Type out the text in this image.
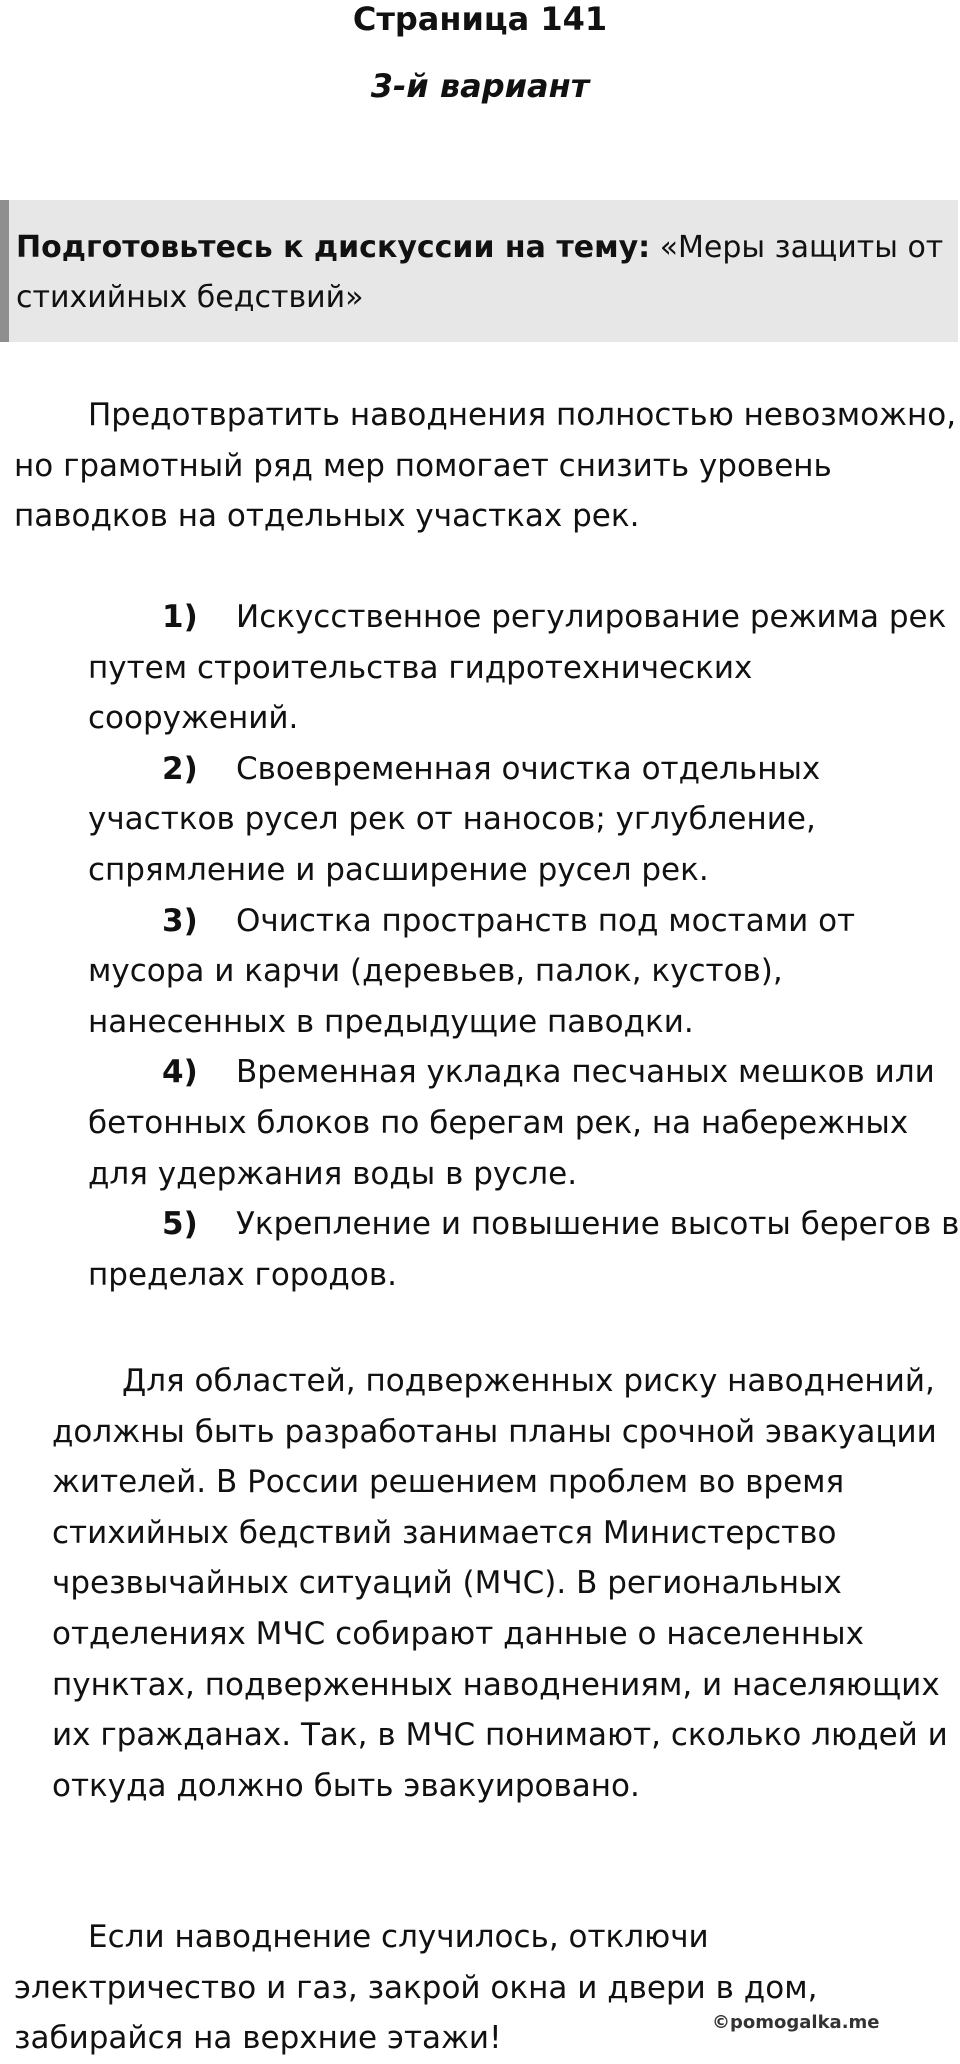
Страница 141
3-й вариант
Подготовьтесь к дискуссии на тему: «Меры защиты от стихийных бедствий»

Предотвратить наводнения полностью невозможно, но грамотный ряд мер помогает снизить уровень паводков на отдельных участках рек.

1) Искусственное регулирование режима рек путем строительства гидротехнических сооружений.
2) Своевременная очистка отдельных участков русел рек от наносов; углубление, спрямление и расширение русел рек.
3) Очистка пространств под мостами от мусора и карчи (деревьев, палок, кустов), нанесенных в предыдущие паводки.
4) Временная укладка песчаных мешков или бетонных блоков по берегам рек, на набережных для удержания воды в русле.
5) Укрепление и повышение высоты берегов в пределах городов.

Для областей, подверженных риску наводнений, должны быть разработаны планы срочной эвакуации жителей. В России решением проблем во время стихийных бедствий занимается Министерство чрезвычайных ситуаций (МЧС). В региональных отделениях МЧС собирают данные о населенных пунктах, подверженных наводнениям, и населяющих их гражданах. Так, в МЧС понимают, сколько людей и откуда должно быть эвакуировано.

Если наводнение случилось, отключи электричество и газ, закрой окна и двери в дом, забирайся на верхние этажи!	©pomogalka.me
